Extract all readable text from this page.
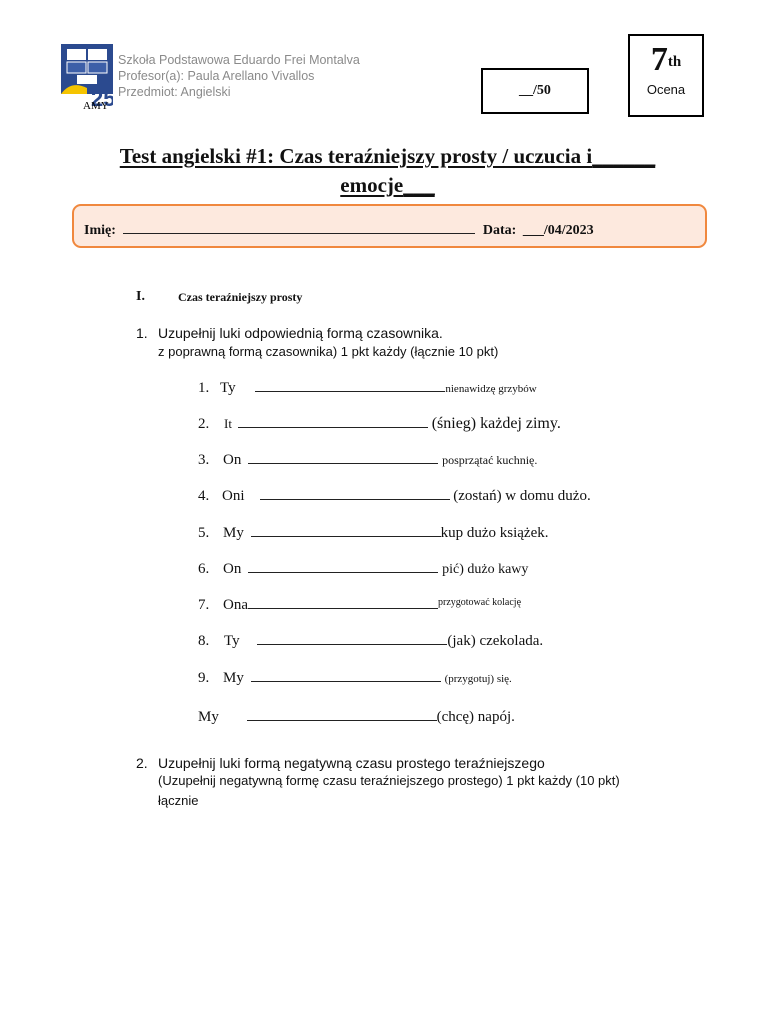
25
AMY
Szkoła Podstawowa Eduardo Frei Montalva
Profesor(a): Paula Arellano Vivallos
Przedmiot: Angielski	__/50
7th
Ocena
Test angielski #1: Czas teraźniejszy prosty / uczucia i______
emocje___
Imię:	Data: ___/04/2023
I.	Czas teraźniejszy prosty
1. Uzupełnij luki odpowiednią formą czasownika.
z poprawną formą czasownika) 1 pkt każdy (łącznie 10 pkt)
1. Ty	nienawidzę grzybów
2. It	(śnieg) każdej zimy.
3. On	posprzątać kuchnię.
4. Oni	(zostań) w domu dużo.
5. My	kup dużo książek.
6. On	pić) dużo kawy
7. Ona	$^{przygotować kolację}$
8. Ty	(jak) czekolada.
9. My	(przygotuj) się.
My	(chcę) napój.
2. Uzupełnij luki formą negatywną czasu prostego teraźniejszego
(Uzupełnij negatywną formę czasu teraźniejszego prostego) 1 pkt każdy (10 pkt)
łącznie
